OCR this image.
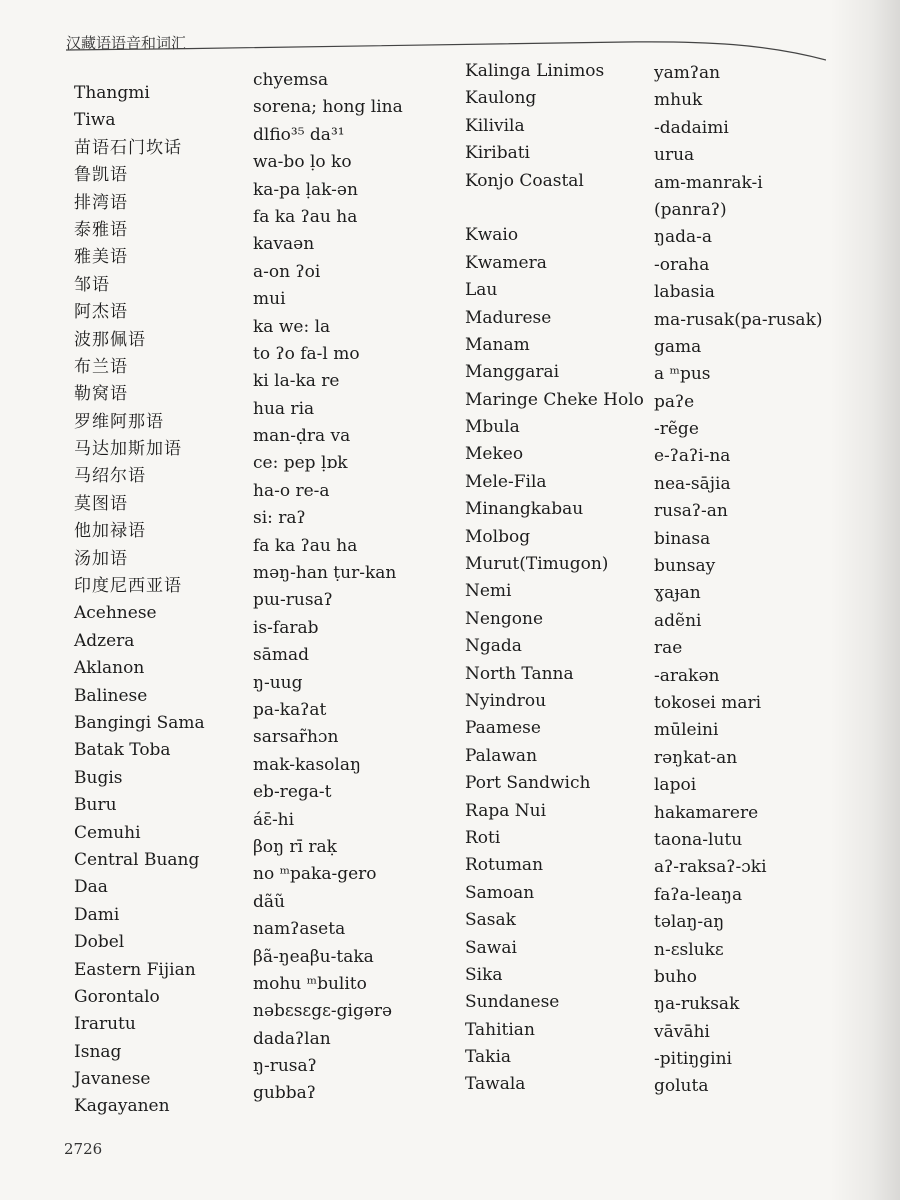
汉藏语语音和词汇
Thangmi
Tiwa
苗语石门坎话
鲁凯语
排湾语
泰雅语
雅美语
邹语
阿杰语
波那佩语
布兰语
勒窝语
罗维阿那语
马达加斯加语
马绍尔语
莫图语
他加禄语
汤加语
印度尼西亚语
Acehnese
Adzera
Aklanon
Balinese
Bangingi Sama
Batak Toba
Bugis
Buru
Cemuhi
Central Buang
Daa
Dami
Dobel
Eastern Fijian
Gorontalo
Irarutu
Isnag
Javanese
Kagayanen
chyemsa
sorena; hong lina
dlfio³⁵ da³¹
wa-bo ḷo ko
ka-pa ḷak-ən
fa ka ʔau ha
kavaən
a-on ʔoi
mui
ka we: la
to ʔo fa-l mo
ki la-ka re
hua ria
man-ḍra va
ce: pep ḷɒk
ha-o re-a
si: raʔ
fa ka ʔau ha
məŋ-han ṭur-kan
pɯ-rusaʔ
is-farab
sāmad
ŋ-uug
pa-kaʔat
sarsar̃hɔn
mak-kasolaŋ
eb-rega-t
áɛ̄-hi
βoŋ rī raḳ
no ᵐpaka-gero
dãũ
namʔaseta
βã-ŋeaβu-taka
mohu ᵐbulito
nəbɛsɛgɛ-gigərə
dadaʔlan
ŋ-rusaʔ
gubbaʔ
Kalinga Linimos
Kaulong
Kilivila
Kiribati
Konjo Coastal
Kwaio
Kwamera
Lau
Madurese
Manam
Manggarai
Maringe Cheke Holo
Mbula
Mekeo
Mele-Fila
Minangkabau
Molbog
Murut(Timugon)
Nemi
Nengone
Ngada
North Tanna
Nyindrou
Paamese
Palawan
Port Sandwich
Rapa Nui
Roti
Rotuman
Samoan
Sasak
Sawai
Sika
Sundanese
Tahitian
Takia
Tawala
yamʔan
mhuk
-dadaimi
urua
am-manrak-i
(panraʔ)
ŋada-a
-oraha
labasia
ma-rusak(pa-rusak)
gama
a ᵐpus
paʔe
-rẽge
e-ʔaʔi-na
nea-sājia
rusaʔ-an
binasa
bunsay
ɣaɟan
adẽni
rae
-arakən
tokosei mari
mūleini
rəŋkat-an
lapoi
hakamarere
taona-lutu
aʔ-raksaʔ-ɔki
faʔa-leaŋa
təlaŋ-aŋ
n-ɛslukɛ
buho
ŋa-ruksak
vāvāhi
-pitiŋgini
goluta
2726
